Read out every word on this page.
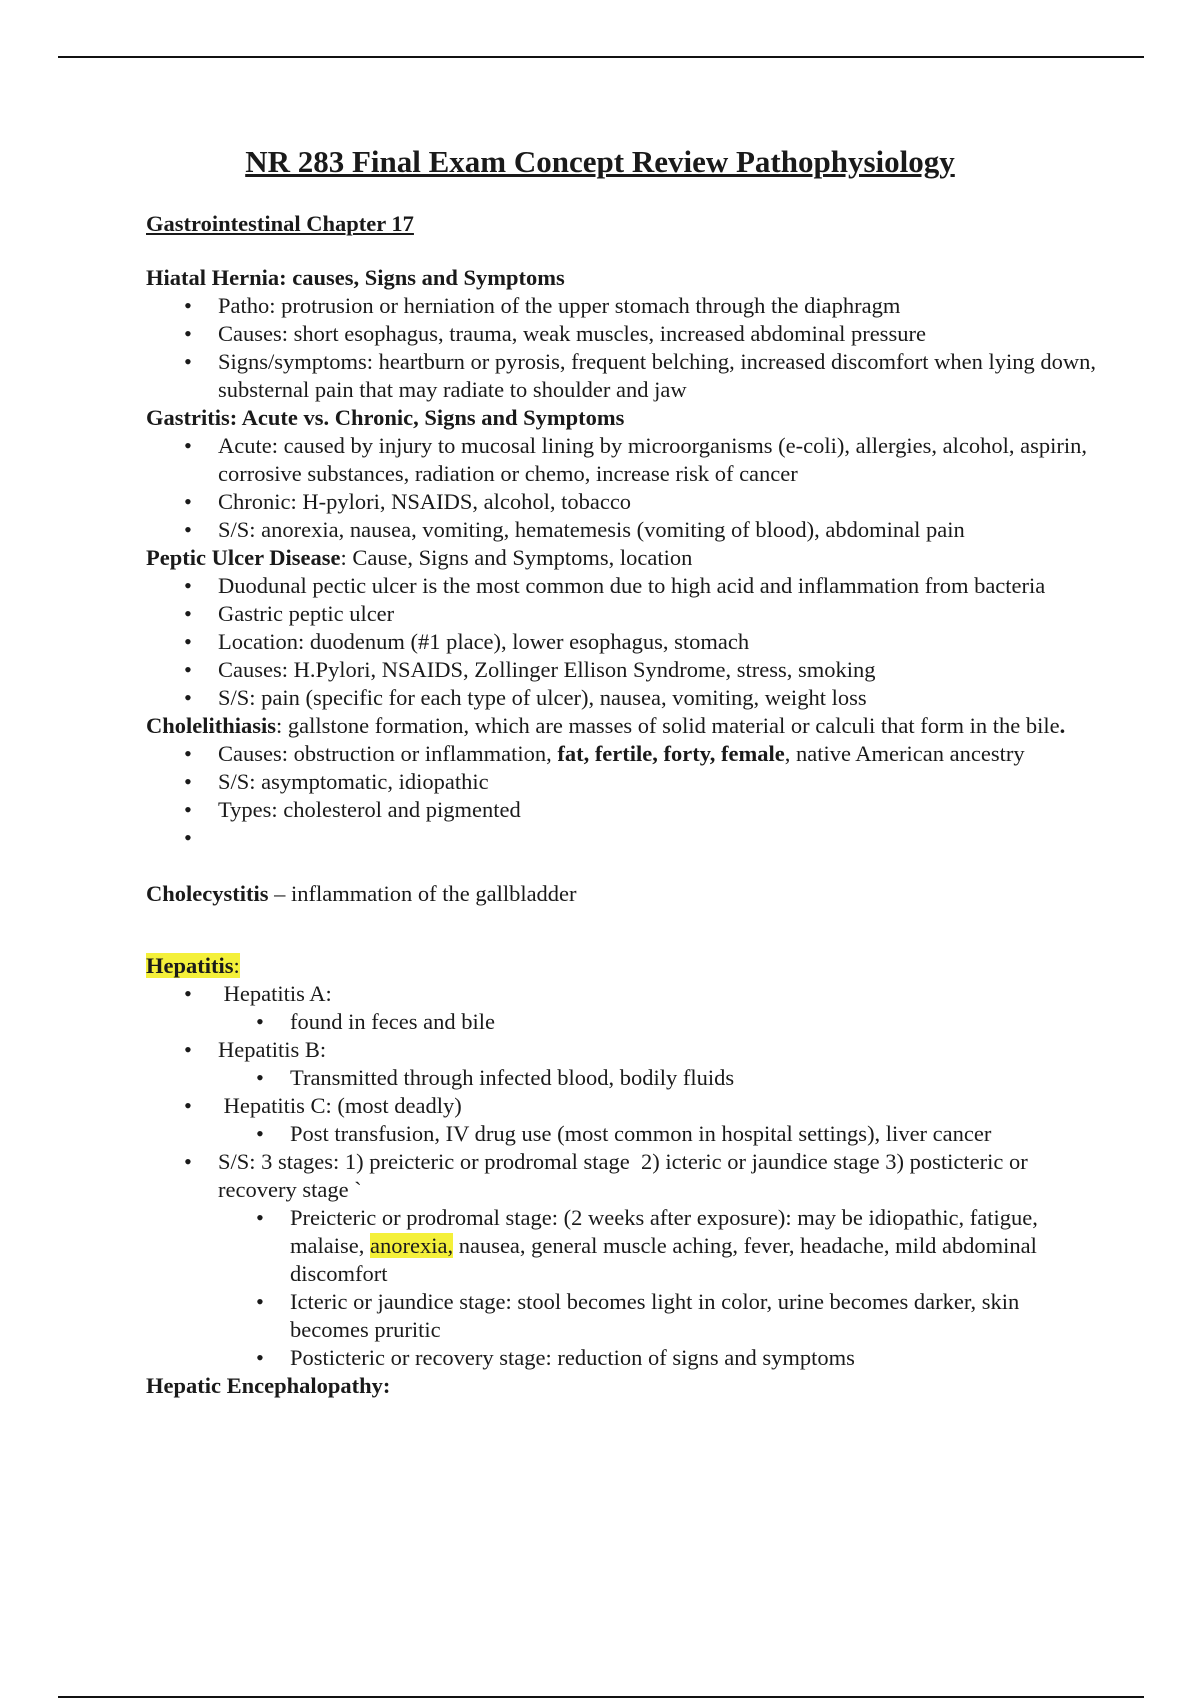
NR 283 Final Exam Concept Review Pathophysiology

Gastrointestinal Chapter 17

Hiatal Hernia: causes, Signs and Symptoms

• Patho: protrusion or herniation of the upper stomach through the diaphragm
• Causes: short esophagus, trauma, weak muscles, increased abdominal pressure
• Signs/symptoms: heartburn or pyrosis, frequent belching, increased discomfort when lying down, substernal pain that may radiate to shoulder and jaw

Gastritis: Acute vs. Chronic, Signs and Symptoms

• Acute: caused by injury to mucosal lining by microorganisms (e-coli), allergies, alcohol, aspirin, corrosive substances, radiation or chemo, increase risk of cancer
• Chronic: H-pylori, NSAIDS, alcohol, tobacco
• S/S: anorexia, nausea, vomiting, hematemesis (vomiting of blood), abdominal pain

Peptic Ulcer Disease: Cause, Signs and Symptoms, location

• Duodunal pectic ulcer is the most common due to high acid and inflammation from bacteria
• Gastric peptic ulcer
• Location: duodenum (#1 place), lower esophagus, stomach
• Causes: H.Pylori, NSAIDS, Zollinger Ellison Syndrome, stress, smoking
• S/S: pain (specific for each type of ulcer), nausea, vomiting, weight loss

Cholelithiasis: gallstone formation, which are masses of solid material or calculi that form in the bile.

• Causes: obstruction or inflammation, fat, fertile, forty, female, native American ancestry
• S/S: asymptomatic, idiopathic
• Types: cholesterol and pigmented
•

Cholecystitis – inflammation of the gallbladder

Hepatitis:

• Hepatitis A:
• found in feces and bile
• Hepatitis B:
• Transmitted through infected blood, bodily fluids
• Hepatitis C: (most deadly)
• Post transfusion, IV drug use (most common in hospital settings), liver cancer
• S/S: 3 stages: 1) preicteric or prodromal stage  2) icteric or jaundice stage 3) posticteric or recovery stage `
• Preicteric or prodromal stage: (2 weeks after exposure): may be idiopathic, fatigue, malaise, anorexia, nausea, general muscle aching, fever, headache, mild abdominal discomfort
• Icteric or jaundice stage: stool becomes light in color, urine becomes darker, skin becomes pruritic
• Posticteric or recovery stage: reduction of signs and symptoms

Hepatic Encephalopathy:
